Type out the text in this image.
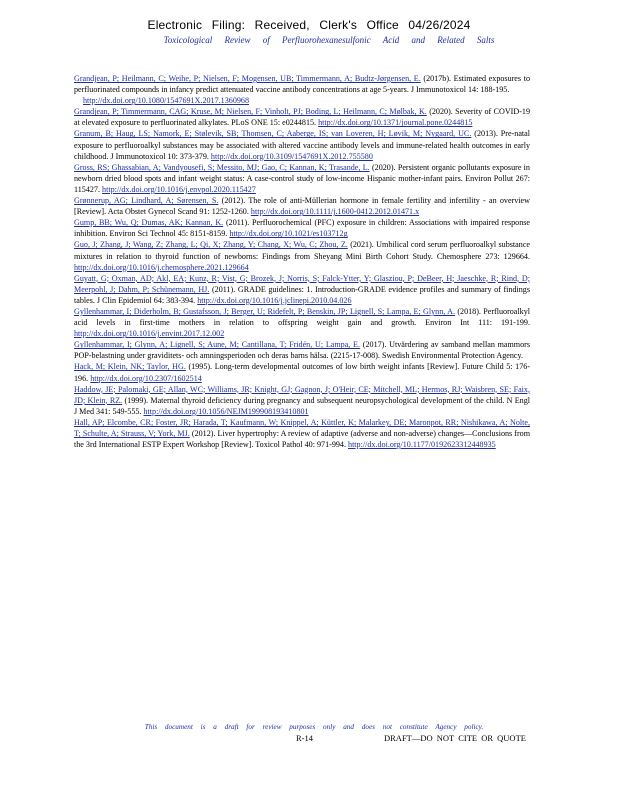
Electronic Filing: Received, Clerk's Office 04/26/2024
Toxicological Review of Perfluorohexanesulfonic Acid and Related Salts
Grandjean, P; Heilmann, C; Weihe, P; Nielsen, F; Mogensen, UB; Timmermann, A; Budtz-Jørgensen, E. (2017b). Estimated exposures to perfluorinated compounds in infancy predict attenuated vaccine antibody concentrations at age 5-years. J Immunotoxicol 14: 188-195.
http://dx.doi.org/10.1080/1547691X.2017.1360968
Grandjean, P; Timmermann, CAG; Kruse, M; Nielsen, F; Vinholt, PJ; Boding, L; Heilmann, C; Mølbak, K. (2020). Severity of COVID-19 at elevated exposure to perfluorinated alkylates. PLoS ONE 15: e0244815. http://dx.doi.org/10.1371/journal.pone.0244815
Granum, B; Haug, LS; Namork, E; Stølevik, SB; Thomsen, C; Aaberge, IS; van Loveren, H; Løvik, M; Nygaard, UC. (2013). Pre-natal exposure to perfluoroalkyl substances may be associated with altered vaccine antibody levels and immune-related health outcomes in early childhood. J Immunotoxicol 10: 373-379. http://dx.doi.org/10.3109/1547691X.2012.755580
Gross, RS; Ghassabian, A; Vandyousefi, S; Messito, MJ; Gao, C; Kannan, K; Trasande, L. (2020). Persistent organic pollutants exposure in newborn dried blood spots and infant weight status: A case-control study of low-income Hispanic mother-infant pairs. Environ Pollut 267: 115427. http://dx.doi.org/10.1016/j.envpol.2020.115427
Grønnerup, AG; Lindhard, A; Sørensen, S. (2012). The role of anti-Müllerian hormone in female fertility and infertility - an overview [Review]. Acta Obstet Gynecol Scand 91: 1252-1260. http://dx.doi.org/10.1111/j.1600-0412.2012.01471.x
Gump, BB; Wu, Q; Dumas, AK; Kannan, K. (2011). Perfluorochemical (PFC) exposure in children: Associations with impaired response inhibition. Environ Sci Technol 45: 8151-8159. http://dx.doi.org/10.1021/es103712g
Guo, J; Zhang, J; Wang, Z; Zhang, L; Qi, X; Zhang, Y; Chang, X; Wu, C; Zhou, Z. (2021). Umbilical cord serum perfluoroalkyl substance mixtures in relation to thyroid function of newborns: Findings from Sheyang Mini Birth Cohort Study. Chemosphere 273: 129664. http://dx.doi.org/10.1016/j.chemosphere.2021.129664
Guyatt, G; Oxman, AD; Akl, EA; Kunz, R; Vist, G; Brozek, J; Norris, S; Falck-Ytter, Y; Glasziou, P; DeBeer, H; Jaeschke, R; Rind, D; Meerpohl, J; Dahm, P; Schünemann, HJ. (2011). GRADE guidelines: 1. Introduction-GRADE evidence profiles and summary of findings tables. J Clin Epidemiol 64: 383-394. http://dx.doi.org/10.1016/j.jclinepi.2010.04.026
Gyllenhammar, I; Diderholm, B; Gustafsson, J; Berger, U; Ridefelt, P; Benskin, JP; Lignell, S; Lampa, E; Glynn, A. (2018). Perfluoroalkyl acid levels in first-time mothers in relation to offspring weight gain and growth. Environ Int 111: 191-199. http://dx.doi.org/10.1016/j.envint.2017.12.002
Gyllenhammar, I; Glynn, A; Lignell, S; Aune, M; Cantillana, T; Fridén, U; Lampa, E. (2017). Utvärdering av samband mellan mammors POP-belastning under graviditets- och amningsperioden och deras barns hälsa. (2215-17-008). Swedish Environmental Protection Agency.
Hack, M; Klein, NK; Taylor, HG. (1995). Long-term developmental outcomes of low birth weight infants [Review]. Future Child 5: 176-196. http://dx.doi.org/10.2307/1602514
Haddow, JE; Palomaki, GE; Allan, WC; Williams, JR; Knight, GJ; Gagnon, J; O'Heir, CE; Mitchell, ML; Hermos, RJ; Waisbren, SE; Faix, JD; Klein, RZ. (1999). Maternal thyroid deficiency during pregnancy and subsequent neuropsychological development of the child. N Engl J Med 341: 549-555. http://dx.doi.org/10.1056/NEJM199908193410801
Hall, AP; Elcombe, CR; Foster, JR; Harada, T; Kaufmann, W; Knippel, A; Küttler, K; Malarkey, DE; Maronpot, RR; Nishikawa, A; Nolte, T; Schulte, A; Strauss, V; York, MJ. (2012). Liver hypertrophy: A review of adaptive (adverse and non-adverse) changes—Conclusions from the 3rd International ESTP Expert Workshop [Review]. Toxicol Pathol 40: 971-994. http://dx.doi.org/10.1177/0192623312448935
This document is a draft for review purposes only and does not constitute Agency policy.
R-14	DRAFT—DO NOT CITE OR QUOTE
